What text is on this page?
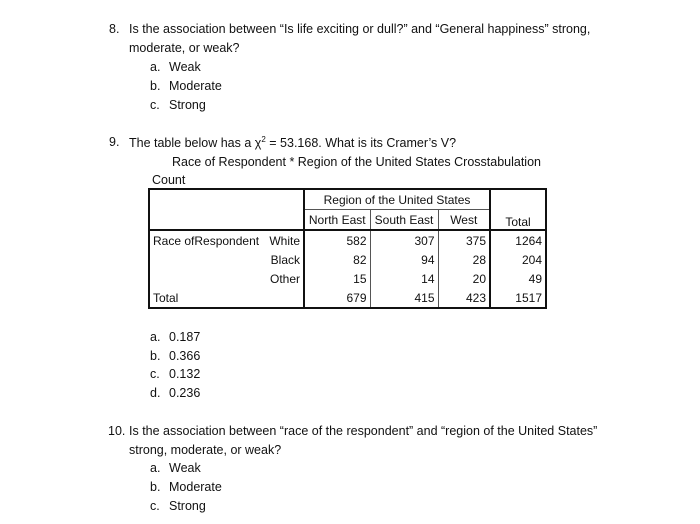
8. Is the association between “Is life exciting or dull?” and “General happiness” strong,
moderate, or weak?
a. Weak
b. Moderate
c. Strong
9. The table below has a $\chi^2 = 53.168$. What is its Cramer’s V?
Race of Respondent * Region of the United States Crosstabulation
Count
	Region of the United States			Total
	North East	South East	West	
Race ofRespondent White	582	307	375	1264
Black	82	94	28	204
Other	15	14	20	49
Total	679	415	423	1517
a. 0.187
b. 0.366
c. 0.132
d. 0.236
10. Is the association between “race of the respondent” and “region of the United States”
strong, moderate, or weak?
a. Weak
b. Moderate
c. Strong
